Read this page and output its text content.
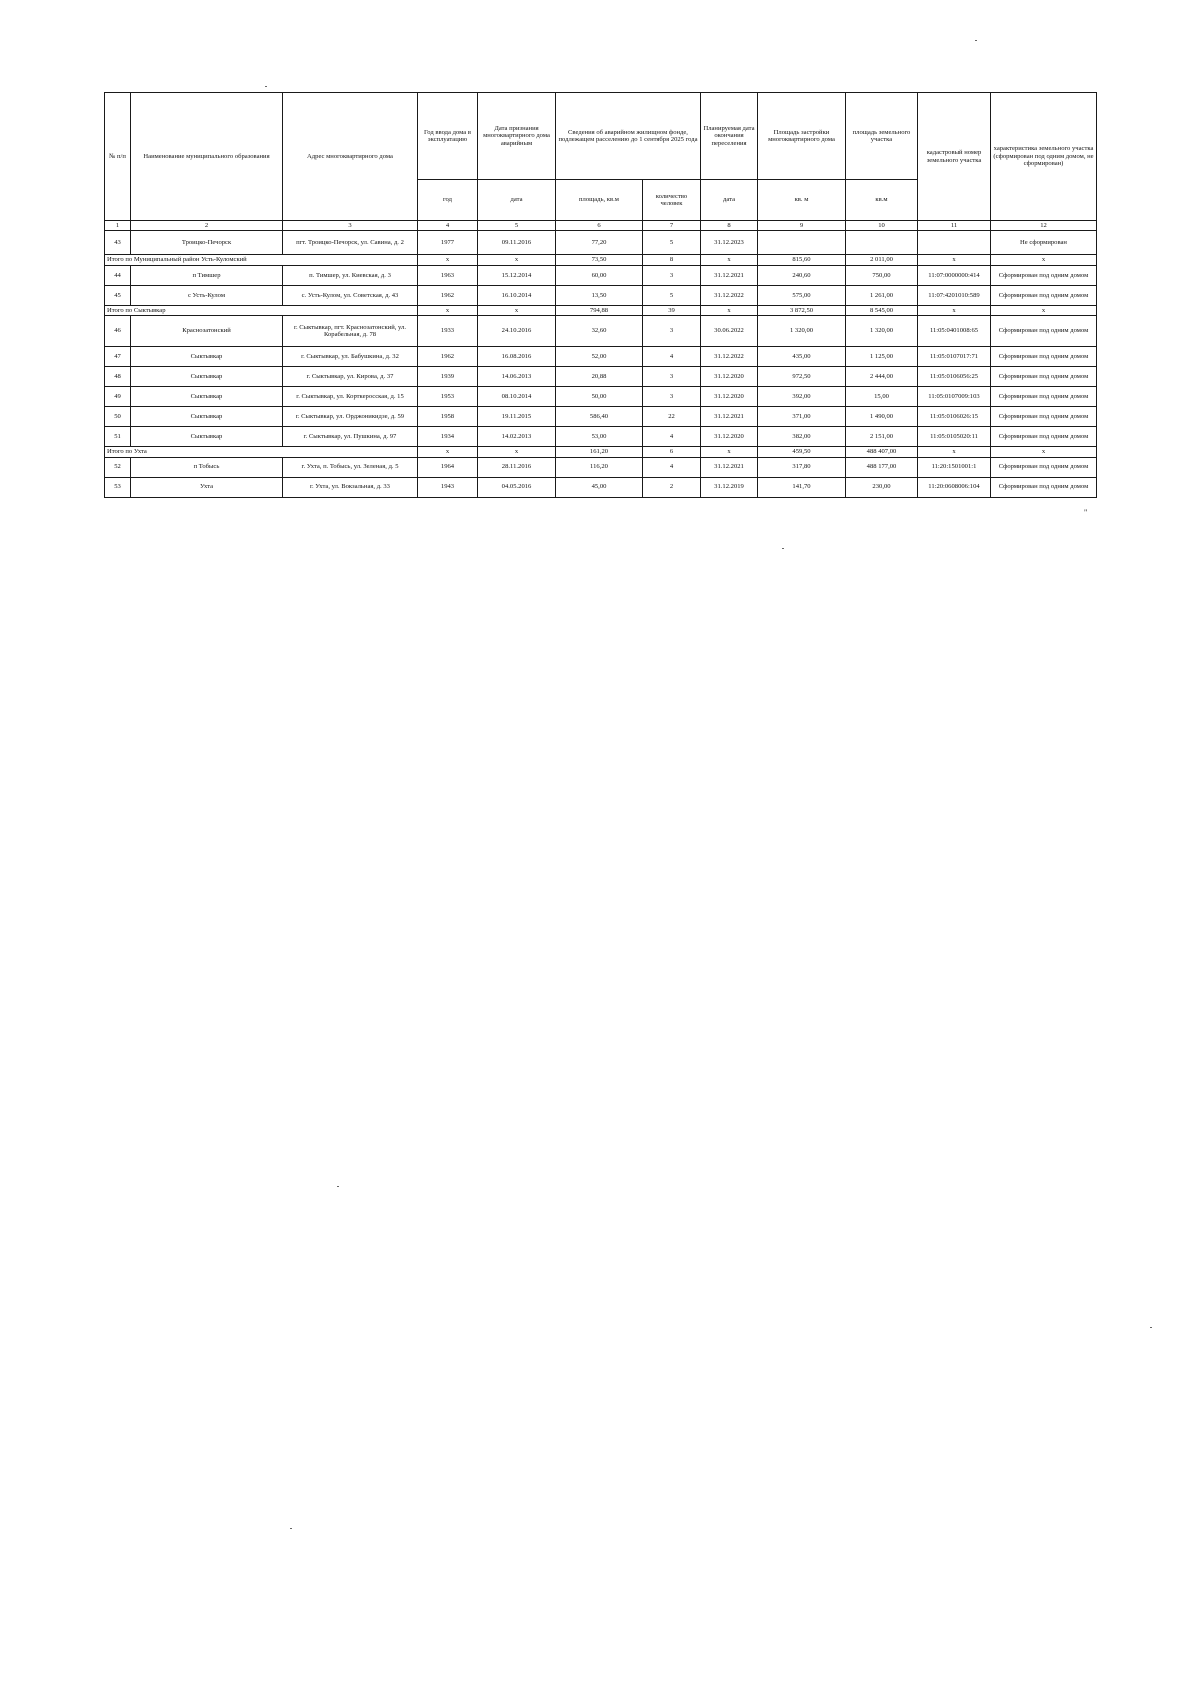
№ п/п	Наименование муниципального образования	Адрес многоквартирного дома	Год ввода дома в эксплуатацию	Дата признания многоквартирного дома аварийным	Сведения об аварийном жилищном фонде, подлежащем расселению до 1 сентября 2025 года		Планируемая дата окончания переселения	Площадь застройки многоквартирного дома	площадь земельного участка	кадастровый номер земельного участка	характеристика земельного участка (сформирован под одним домом, не сформирован)
			год	дата	площадь, кв.м	количество человек	дата	кв. м	кв.м		
1	2	3	4	5	6	7	8	9	10	11	12
43	Троицко-Печорск	пгт. Троицко-Печорск, ул. Савина, д. 2	1977	09.11.2016	77,20	5	31.12.2023				Не сформирован
Итого по Муниципальный район Усть-Куломский			x	x	73,50	8	x	815,60	2 011,00	x	x
44	п Тимшер	п. Тимшер, ул. Киевская, д. 3	1963	15.12.2014	60,00	3	31.12.2021	240,60	750,00	11:07:0000000:414	Сформирован под одним домом
45	с Усть-Кулом	с. Усть-Кулом, ул. Советская, д. 43	1962	16.10.2014	13,50	5	31.12.2022	575,00	1 261,00	11:07:4201010:589	Сформирован под одним домом
Итого по Сыктывкар			x	x	794,88	39	x	3 872,50	8 545,00	x	x
46	Краснозатонский	г. Сыктывкар, пгт. Краснозатонский, ул. Корабельная, д. 78	1933	24.10.2016	32,60	3	30.06.2022	1 320,00	1 320,00	11:05:0401008:65	Сформирован под одним домом
47	Сыктывкар	г. Сыктывкар, ул. Бабушкина, д. 32	1962	16.08.2016	52,00	4	31.12.2022	435,00	1 125,00	11:05:0107017:71	Сформирован под одним домом
48	Сыктывкар	г. Сыктывкар, ул. Кирова, д. 37	1939	14.06.2013	20,88	3	31.12.2020	972,50	2 444,00	11:05:0106056:25	Сформирован под одним домом
49	Сыктывкар	г. Сыктывкар, ул. Корткеросская, д. 15	1953	08.10.2014	50,00	3	31.12.2020	392,00	15,00	11:05:0107009:103	Сформирован под одним домом
50	Сыктывкар	г. Сыктывкар, ул. Орджоникидзе, д. 59	1958	19.11.2015	586,40	22	31.12.2021	371,00	1 490,00	11:05:0106026:15	Сформирован под одним домом
51	Сыктывкар	г. Сыктывкар, ул. Пушкина, д. 97	1934	14.02.2013	53,00	4	31.12.2020	382,00	2 151,00	11:05:0105020:11	Сформирован под одним домом
Итого по Ухта			x	x	161,20	6	x	459,50	488 407,00	x	x
52	п Тобысь	г. Ухта, п. Тобысь, ул. Зеленая, д. 5	1964	28.11.2016	116,20	4	31.12.2021	317,80	488 177,00	11:20:1501001:1	Сформирован под одним домом
53	Ухта	г. Ухта, ул. Вокзальная, д. 33	1943	04.05.2016	45,00	2	31.12.2019	141,70	230,00	11:20:0608006:104	Сформирован под одним домом
"
